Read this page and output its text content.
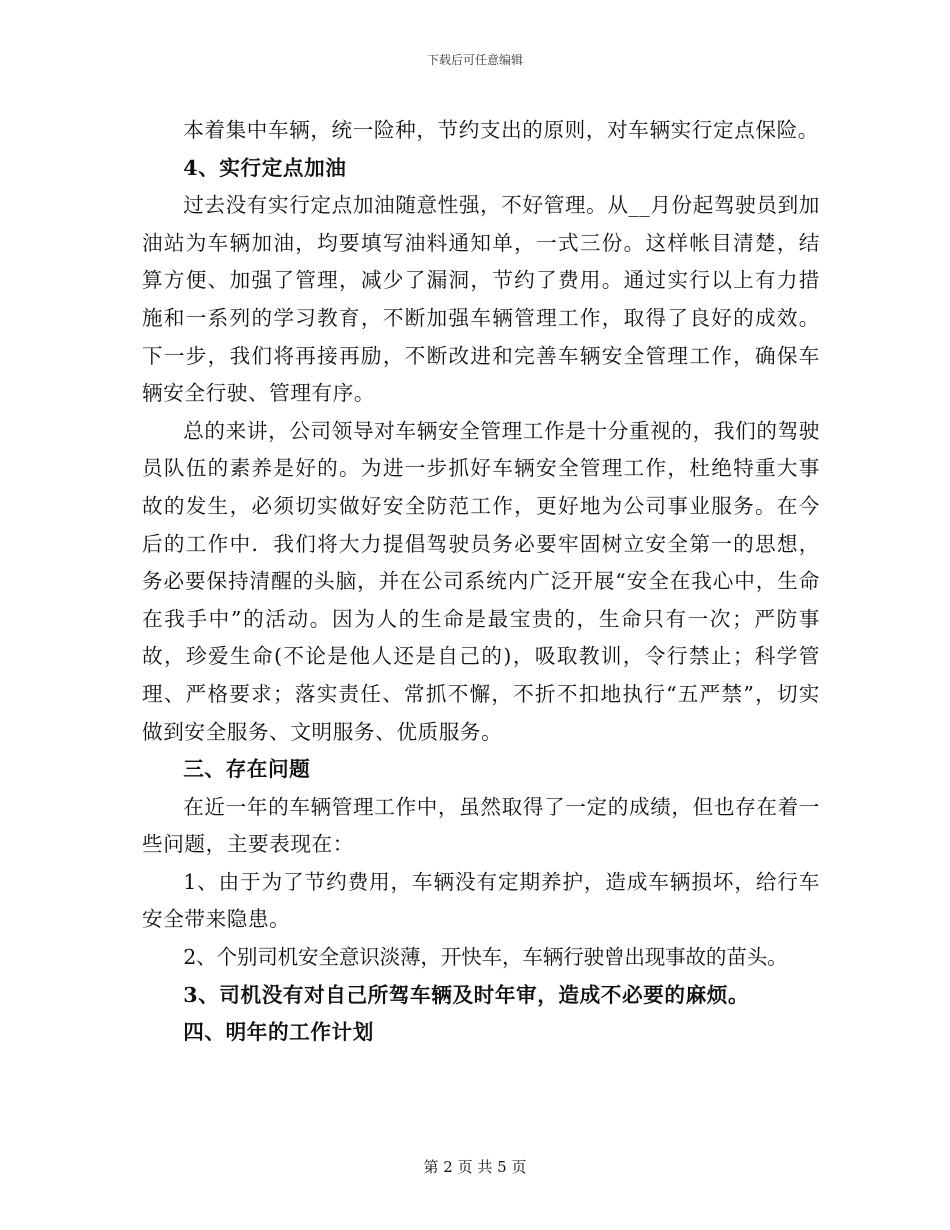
下载后可任意编辑

本着集中车辆，统一险种，节约支出的原则，对车辆实行定点保险。

4、实行定点加油

过去没有实行定点加油随意性强，不好管理。从__月份起驾驶员到加油站为车辆加油，均要填写油料通知单，一式三份。这样帐目清楚，结算方便、加强了管理，减少了漏洞，节约了费用。通过实行以上有力措施和一系列的学习教育，不断加强车辆管理工作，取得了良好的成效。下一步，我们将再接再励，不断改进和完善车辆安全管理工作，确保车辆安全行驶、管理有序。

总的来讲，公司领导对车辆安全管理工作是十分重视的，我们的驾驶员队伍的素养是好的。为进一步抓好车辆安全管理工作，杜绝特重大事故的发生，必须切实做好安全防范工作，更好地为公司事业服务。在今后的工作中．我们将大力提倡驾驶员务必要牢固树立安全第一的思想，务必要保持清醒的头脑，并在公司系统内广泛开展“安全在我心中，生命在我手中”的活动。因为人的生命是最宝贵的，生命只有一次；严防事故，珍爱生命(不论是他人还是自己的)，吸取教训，令行禁止；科学管理、严格要求；落实责任、常抓不懈，不折不扣地执行“五严禁”，切实做到安全服务、文明服务、优质服务。

三、存在问题

在近一年的车辆管理工作中，虽然取得了一定的成绩，但也存在着一些问题，主要表现在：

1、由于为了节约费用，车辆没有定期养护，造成车辆损坏，给行车安全带来隐患。

2、个别司机安全意识淡薄，开快车，车辆行驶曾出现事故的苗头。

3、司机没有对自己所驾车辆及时年审，造成不必要的麻烦。

四、明年的工作计划

第 2 页 共 5 页
